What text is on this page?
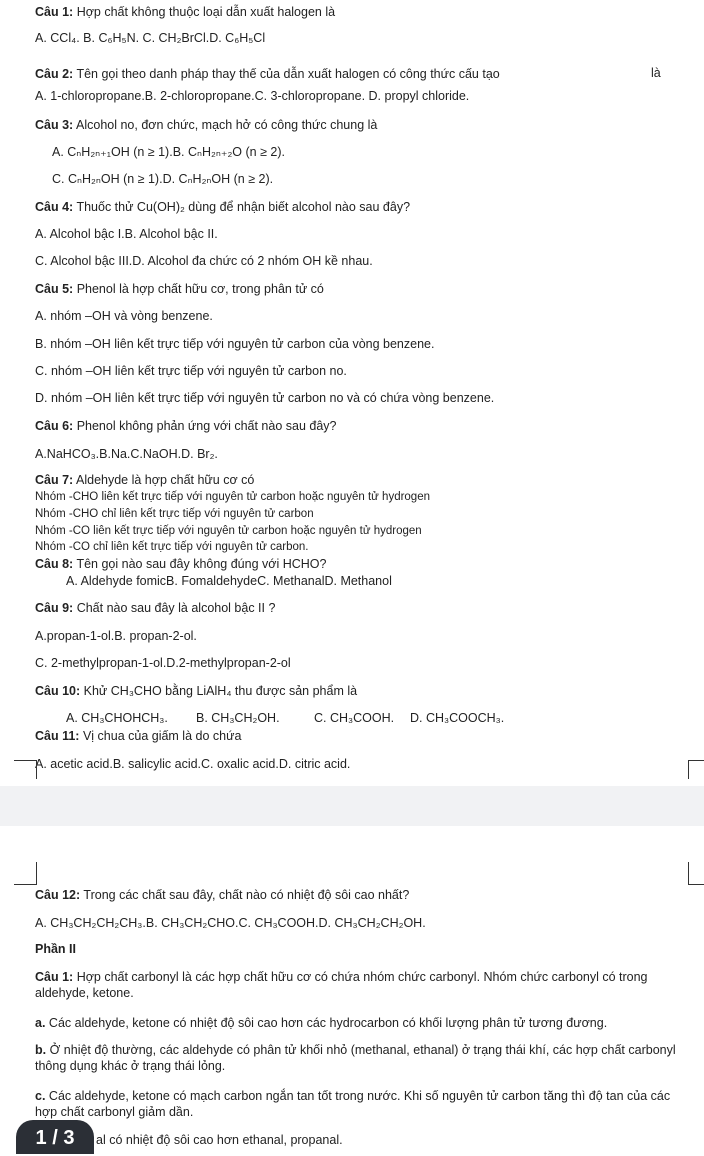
Câu 1: Hợp chất không thuộc loại dẫn xuất halogen là
A. CCl₄. B. C₆H₅N. C. CH₂BrCl.D. C₆H₅Cl
Câu 2: Tên gọi theo danh pháp thay thế của dẫn xuất halogen có công thức cấu tạo	là
A. 1-chloropropane.B. 2-chloropropane.C. 3-chloropropane. D. propyl chloride.
Câu 3: Alcohol no, đơn chức, mạch hở có công thức chung là
A. CₙH₂ₙ₊₁OH (n ≥ 1).B. CₙH₂ₙ₊₂O (n ≥ 2).
C. CₙH₂ₙOH (n ≥ 1).D. CₙH₂ₙOH (n ≥ 2).
Câu 4: Thuốc thử Cu(OH)₂ dùng để nhận biết alcohol nào sau đây?
A. Alcohol bậc I.B. Alcohol bậc II.
C. Alcohol bậc III.D. Alcohol đa chức có 2 nhóm OH kề nhau.
Câu 5: Phenol là hợp chất hữu cơ, trong phân tử có
A. nhóm –OH và vòng benzene.
B. nhóm –OH liên kết trực tiếp với nguyên tử carbon của vòng benzene.
C. nhóm –OH liên kết trực tiếp với nguyên tử carbon no.
D. nhóm –OH liên kết trực tiếp với nguyên tử carbon no và có chứa vòng benzene.
Câu 6: Phenol không phản ứng với chất nào sau đây?
A.NaHCO₃.B.Na.C.NaOH.D. Br₂.
Câu 7: Aldehyde là hợp chất hữu cơ có
Nhóm -CHO liên kết trực tiếp với nguyên tử carbon hoặc nguyên tử hydrogen
Nhóm -CHO chỉ liên kết trực tiếp với nguyên tử carbon
Nhóm -CO liên kết trực tiếp với nguyên tử carbon hoặc nguyên tử hydrogen
Nhóm -CO chỉ liên kết trực tiếp với nguyên tử carbon.
Câu 8: Tên gọi nào sau đây không đúng với HCHO?
A. Aldehyde fomicB. FomaldehydeC. MethanalD. Methanol
Câu 9: Chất nào sau đây là alcohol bậc II ?
A.propan-1-ol.B. propan-2-ol.
C. 2-methylpropan-1-ol.D.2-methylpropan-2-ol
Câu 10: Khử CH₃CHO bằng LiAlH₄ thu được sản phẩm là
A. CH₃CHOHCH₃. B. CH₃CH₂OH.	C. CH₃COOH. D. CH₃COOCH₃.
Câu 11: Vị chua của giấm là do chứa
A. acetic acid.B. salicylic acid.C. oxalic acid.D. citric acid.
Câu 12: Trong các chất sau đây, chất nào có nhiệt độ sôi cao nhất?
A. CH₃CH₂CH₂CH₃.B. CH₃CH₂CHO.C. CH₃COOH.D. CH₃CH₂CH₂OH.
Phần II
Câu 1: Hợp chất carbonyl là các hợp chất hữu cơ có chứa nhóm chức carbonyl. Nhóm chức carbonyl có trong aldehyde, ketone.
a. Các aldehyde, ketone có nhiệt độ sôi cao hơn các hydrocarbon có khối lượng phân tử tương đương.
b. Ở nhiệt độ thường, các aldehyde có phân tử khối nhỏ (methanal, ethanal) ở trạng thái khí, các hợp chất carbonyl thông dụng khác ở trạng thái lỏng.
c. Các aldehyde, ketone có mạch carbon ngắn tan tốt trong nước. Khi số nguyên tử carbon tăng thì độ tan của các hợp chất carbonyl giảm dần.
al có nhiệt độ sôi cao hơn ethanal, propanal.
1 / 3
